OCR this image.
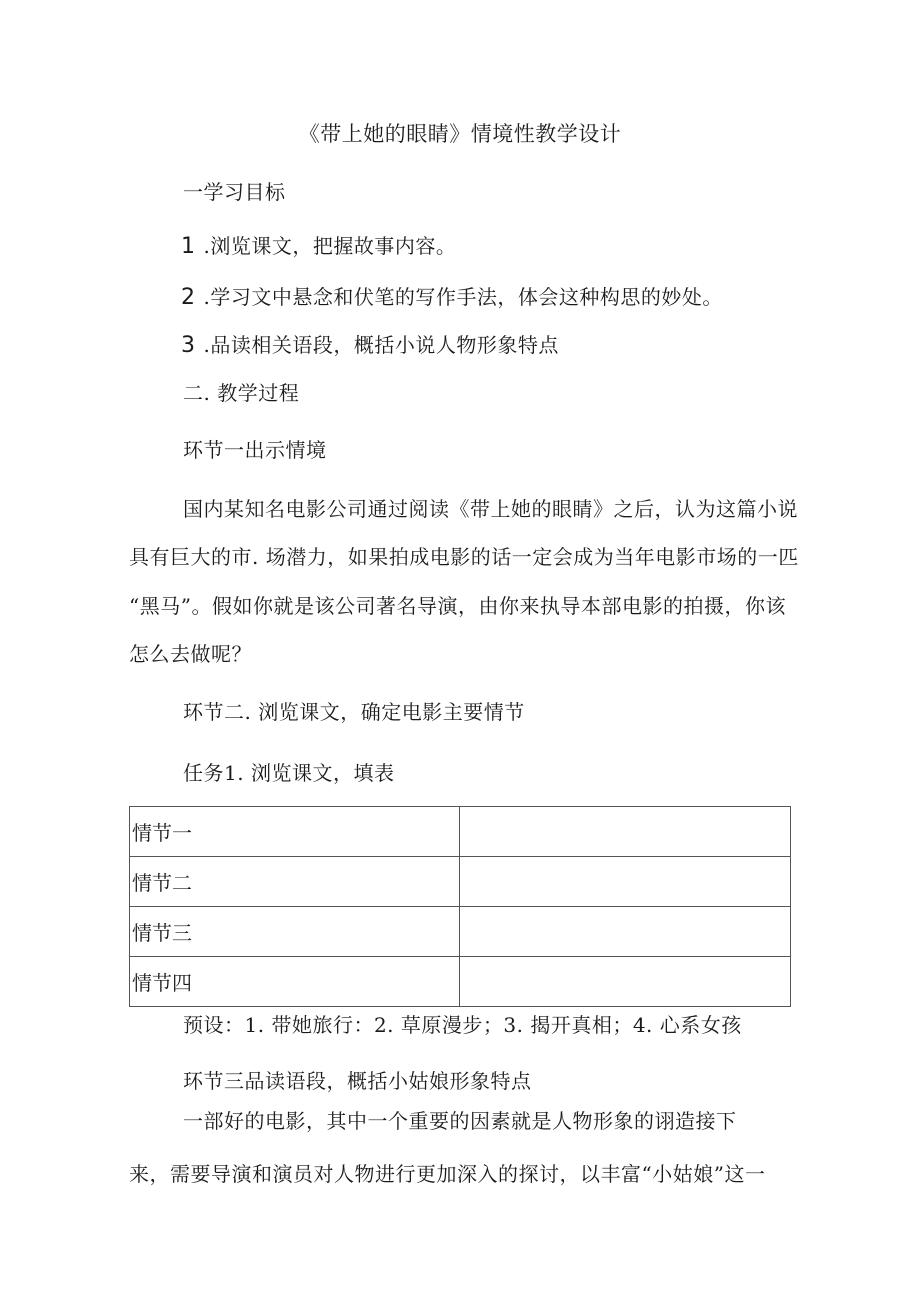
《带上她的眼睛》情境性教学设计
一学习目标
1 .浏览课文，把握故事内容。
2 .学习文中悬念和伏笔的写作手法，体会这种构思的妙处。
3 .品读相关语段，概括小说人物形象特点
二. 教学过程
环节一出示情境
国内某知名电影公司通过阅读《带上她的眼睛》之后，认为这篇小说
具有巨大的市. 场潜力，如果拍成电影的话一定会成为当年电影市场的一匹
“黑马”。假如你就是该公司著名导演，由你来执导本部电影的拍摄，你该
怎么去做呢？
环节二. 浏览课文，确定电影主要情节
任务1. 浏览课文，填表
情节一	
情节二	
情节三	
情节四	
预设：1. 带她旅行：2. 草原漫步；3. 揭开真相；4. 心系女孩
环节三品读语段，概括小姑娘形象特点
一部好的电影，其中一个重要的因素就是人物形象的诩造接下
来，需要导演和演员对人物进行更加深入的探讨，以丰富“小姑娘”这一
